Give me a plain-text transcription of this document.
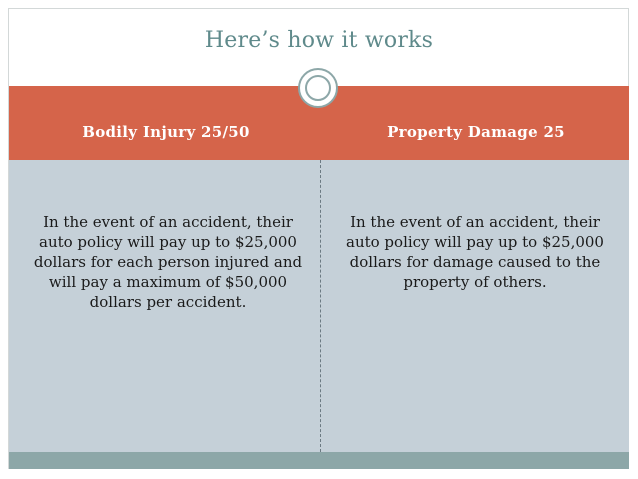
Here’s how it works
Bodily Injury 25/50	Property Damage 25
In the event of an accident, their auto policy will pay up to $25,000 dollars for each person injured and will pay a maximum of $50,000 dollars per accident.
In the event of an accident, their auto policy will pay up to $25,000 dollars for damage caused to the property of others.
